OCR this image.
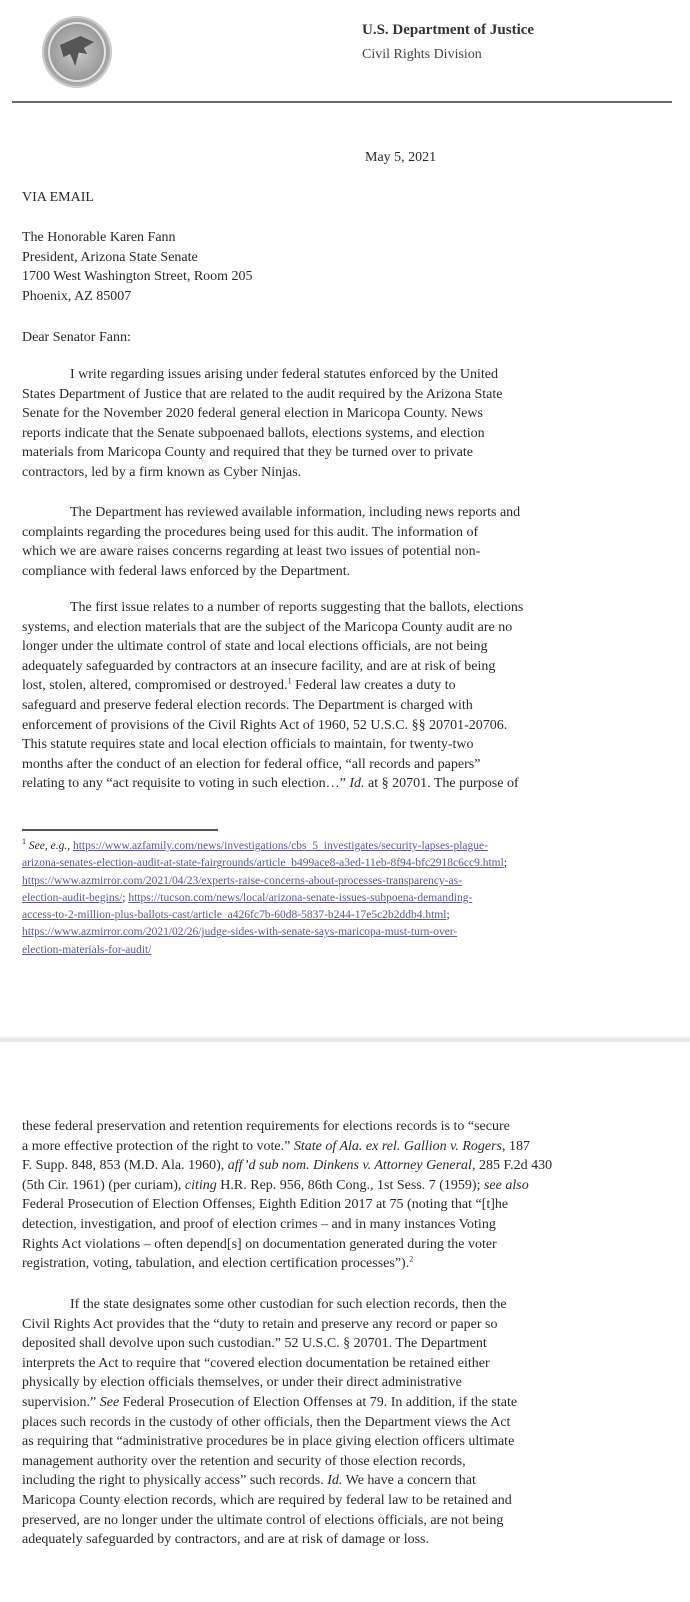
U.S. Department of Justice
Civil Rights Division
May 5, 2021
VIA EMAIL
The Honorable Karen Fann
President, Arizona State Senate
1700 West Washington Street, Room 205
Phoenix, AZ 85007
Dear Senator Fann:
I write regarding issues arising under federal statutes enforced by the United
States Department of Justice that are related to the audit required by the Arizona State
Senate for the November 2020 federal general election in Maricopa County. News
reports indicate that the Senate subpoenaed ballots, elections systems, and election
materials from Maricopa County and required that they be turned over to private
contractors, led by a firm known as Cyber Ninjas.
The Department has reviewed available information, including news reports and
complaints regarding the procedures being used for this audit. The information of
which we are aware raises concerns regarding at least two issues of potential non-
compliance with federal laws enforced by the Department.
The first issue relates to a number of reports suggesting that the ballots, elections
systems, and election materials that are the subject of the Maricopa County audit are no
longer under the ultimate control of state and local elections officials, are not being
adequately safeguarded by contractors at an insecure facility, and are at risk of being
lost, stolen, altered, compromised or destroyed.$^1$ Federal law creates a duty to
safeguard and preserve federal election records. The Department is charged with
enforcement of provisions of the Civil Rights Act of 1960, 52 U.S.C. §§ 20701-20706.
This statute requires state and local election officials to maintain, for twenty-two
months after the conduct of an election for federal office, “all records and papers”
relating to any “act requisite to voting in such election…” Id. at § 20701. The purpose of
$^1$ See, e.g., https://www.azfamily.com/news/investigations/cbs_5_investigates/security-lapses-plague-
arizona-senates-election-audit-at-state-fairgrounds/article_b499ace8-a3ed-11eb-8f94-bfc2918c6cc9.html;
https://www.azmirror.com/2021/04/23/experts-raise-concerns-about-processes-transparency-as-
election-audit-begins/; https://tucson.com/news/local/arizona-senate-issues-subpoena-demanding-
access-to-2-million-plus-ballots-cast/article_a426fc7b-60d8-5837-b244-17e5c2b2ddb4.html;
https://www.azmirror.com/2021/02/26/judge-sides-with-senate-says-maricopa-must-turn-over-
election-materials-for-audit/
these federal preservation and retention requirements for elections records is to “secure
a more effective protection of the right to vote.” State of Ala. ex rel. Gallion v. Rogers, 187
F. Supp. 848, 853 (M.D. Ala. 1960), aff’d sub nom. Dinkens v. Attorney General, 285 F.2d 430
(5th Cir. 1961) (per curiam), citing H.R. Rep. 956, 86th Cong., 1st Sess. 7 (1959); see also
Federal Prosecution of Election Offenses, Eighth Edition 2017 at 75 (noting that “[t]he
detection, investigation, and proof of election crimes – and in many instances Voting
Rights Act violations – often depend[s] on documentation generated during the voter
registration, voting, tabulation, and election certification processes”).$^2$
If the state designates some other custodian for such election records, then the
Civil Rights Act provides that the “duty to retain and preserve any record or paper so
deposited shall devolve upon such custodian.” 52 U.S.C. § 20701. The Department
interprets the Act to require that “covered election documentation be retained either
physically by election officials themselves, or under their direct administrative
supervision.” See Federal Prosecution of Election Offenses at 79. In addition, if the state
places such records in the custody of other officials, then the Department views the Act
as requiring that “administrative procedures be in place giving election officers ultimate
management authority over the retention and security of those election records,
including the right to physically access” such records. Id. We have a concern that
Maricopa County election records, which are required by federal law to be retained and
preserved, are no longer under the ultimate control of elections officials, are not being
adequately safeguarded by contractors, and are at risk of damage or loss.
